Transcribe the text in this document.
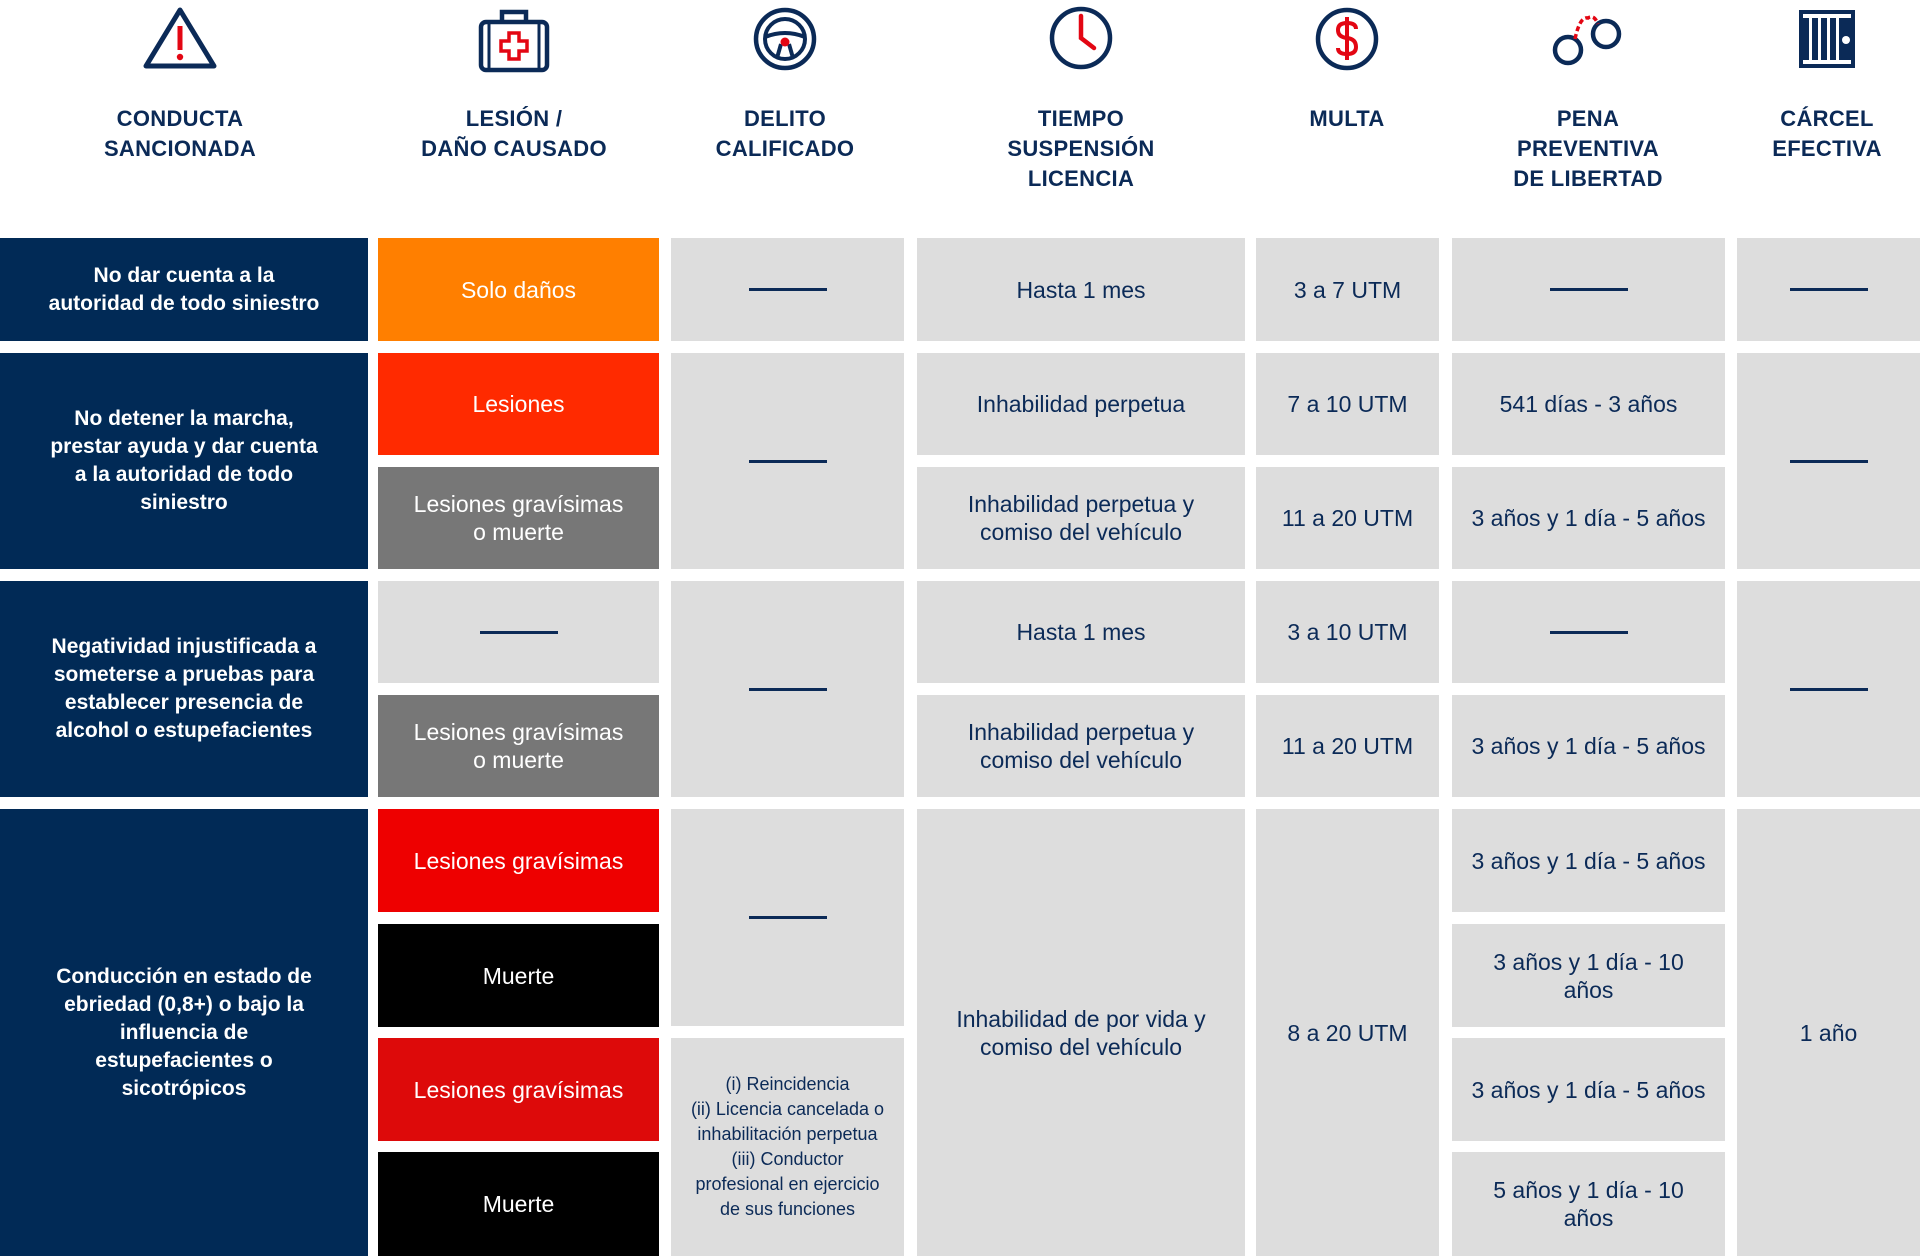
CONDUCTA
SANCIONADA
LESIÓN /
DAÑO CAUSADO
DELITO
CALIFICADO
TIEMPO
SUSPENSIÓN
LICENCIA
MULTA	PENA
PREVENTIVA
DE LIBERTAD
CÁRCEL
EFECTIVA
No dar cuenta a la
autoridad de todo siniestro
No detener la marcha,
prestar ayuda y dar cuenta
a la autoridad de todo
siniestro
Negatividad injustificada a
someterse a pruebas para
establecer presencia de
alcohol o estupefacientes
Conducción en estado de
ebriedad (0,8+) o bajo la
influencia de
estupefacientes o
sicotrópicos
Solo daños
Lesiones
Lesiones gravísimas
o muerte
Lesiones gravísimas
o muerte
Lesiones gravísimas
Muerte
Lesiones gravísimas
Muerte
(i) Reincidencia
(ii) Licencia cancelada o
inhabilitación perpetua
(iii) Conductor
profesional en ejercicio
de sus funciones
Hasta 1 mes
Inhabilidad perpetua
Inhabilidad perpetua y
comiso del vehículo
Hasta 1 mes
Inhabilidad perpetua y
comiso del vehículo
Inhabilidad de por vida y
comiso del vehículo
3 a 7 UTM
7 a 10 UTM
11 a 20 UTM
3 a 10 UTM
11 a 20 UTM
8 a 20 UTM
541 días - 3 años
3 años y 1 día - 5 años
3 años y 1 día - 5 años
3 años y 1 día - 5 años
3 años y 1 día - 10 años
3 años y 1 día - 5 años
5 años y 1 día - 10 años
1 año
